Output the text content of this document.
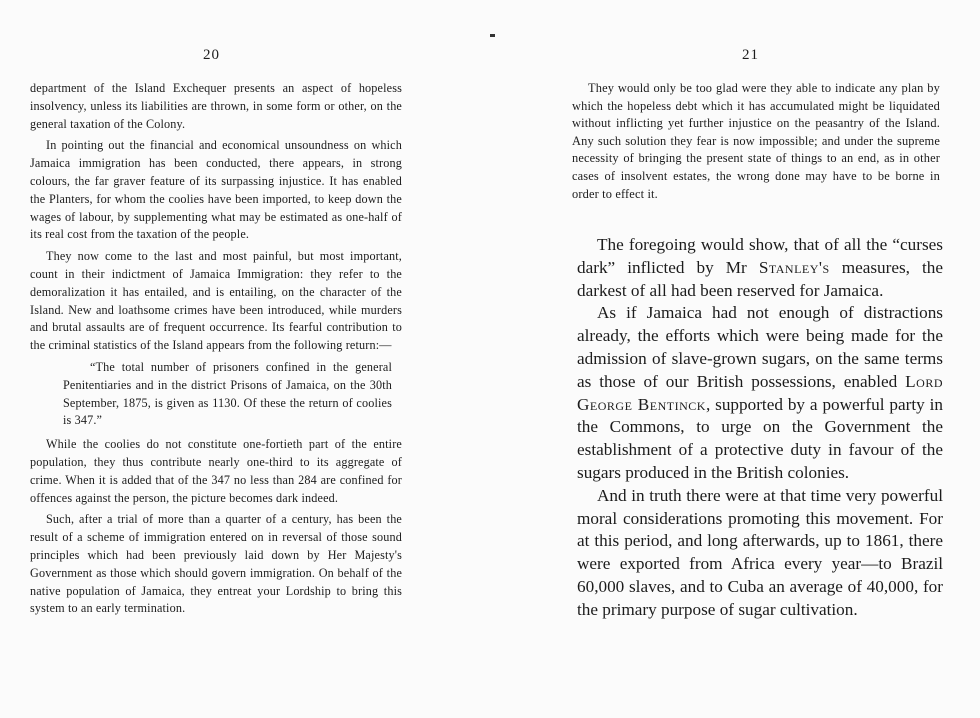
20

department of the Island Exchequer presents an aspect of hopeless insolvency, unless its liabilities are thrown, in some form or other, on the general taxation of the Colony.

In pointing out the financial and economical unsoundness on which Jamaica immigration has been conducted, there appears, in strong colours, the far graver feature of its surpassing injustice. It has enabled the Planters, for whom the coolies have been imported, to keep down the wages of labour, by supplementing what may be estimated as one-half of its real cost from the taxation of the people.

They now come to the last and most painful, but most important, count in their indictment of Jamaica Immigration: they refer to the demoralization it has entailed, and is entailing, on the character of the Island. New and loathsome crimes have been introduced, while murders and brutal assaults are of frequent occurrence. Its fearful contribution to the criminal statistics of the Island appears from the following return:—

“The total number of prisoners confined in the general Penitentiaries and in the district Prisons of Jamaica, on the 30th September, 1875, is given as 1130. Of these the return of coolies is 347.”

While the coolies do not constitute one-fortieth part of the entire population, they thus contribute nearly one-third to its aggregate of crime. When it is added that of the 347 no less than 284 are confined for offences against the person, the picture becomes dark indeed.

Such, after a trial of more than a quarter of a century, has been the result of a scheme of immigration entered on in reversal of those sound principles which had been previously laid down by Her Majesty's Government as those which should govern immigration. On behalf of the native population of Jamaica, they entreat your Lordship to bring this system to an early termination.

21

They would only be too glad were they able to indicate any plan by which the hopeless debt which it has accumulated might be liquidated without inflicting yet further injustice on the peasantry of the Island. Any such solution they fear is now impossible; and under the supreme necessity of bringing the present state of things to an end, as in other cases of insolvent estates, the wrong done may have to be borne in order to effect it.

The foregoing would show, that of all the “curses dark” inflicted by Mr Stanley's measures, the darkest of all had been reserved for Jamaica.

As if Jamaica had not enough of distractions already, the efforts which were being made for the admission of slave-grown sugars, on the same terms as those of our British possessions, enabled Lord George Bentinck, supported by a powerful party in the Commons, to urge on the Government the establishment of a protective duty in favour of the sugars produced in the British colonies.

And in truth there were at that time very powerful moral considerations promoting this movement. For at this period, and long afterwards, up to 1861, there were exported from Africa every year—to Brazil 60,000 slaves, and to Cuba an average of 40,000, for the primary purpose of sugar cultivation.
